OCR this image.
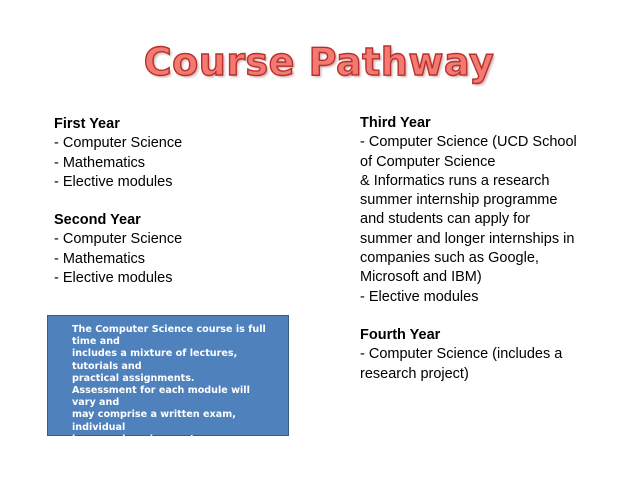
Course Pathway
First Year
- Computer Science
- Mathematics
- Elective modules
Second Year
- Computer Science
- Mathematics
- Elective modules
Third Year
- Computer Science (UCD School
of Computer Science
& Informatics runs a research
summer internship programme
and students can apply for
summer and longer internships in
companies such as Google,
Microsoft and IBM)
- Elective modules
Fourth Year
- Computer Science (includes a
research project)

The Computer Science course is full time and

includes a mixture of lectures, tutorials and

practical assignments.

Assessment for each module will vary and

may comprise a written exam, individual

homework assignments, group projects and

continuous assessment.
